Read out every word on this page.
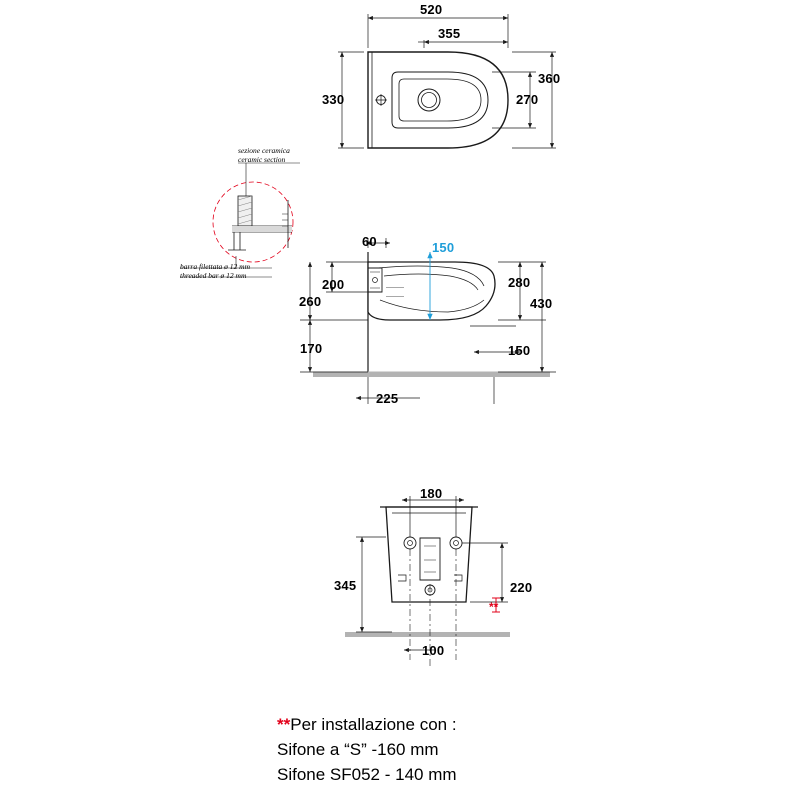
520
355
330
360
270
sezione ceramica
ceramic section
barra filettata ø 12 mm
threaded bar ø 12 mm
60	150
280
430
200
260
170	150
225
180
345	220
100
**
**Per installazione con :
Sifone a “S” -160 mm
Sifone SF052 - 140 mm
